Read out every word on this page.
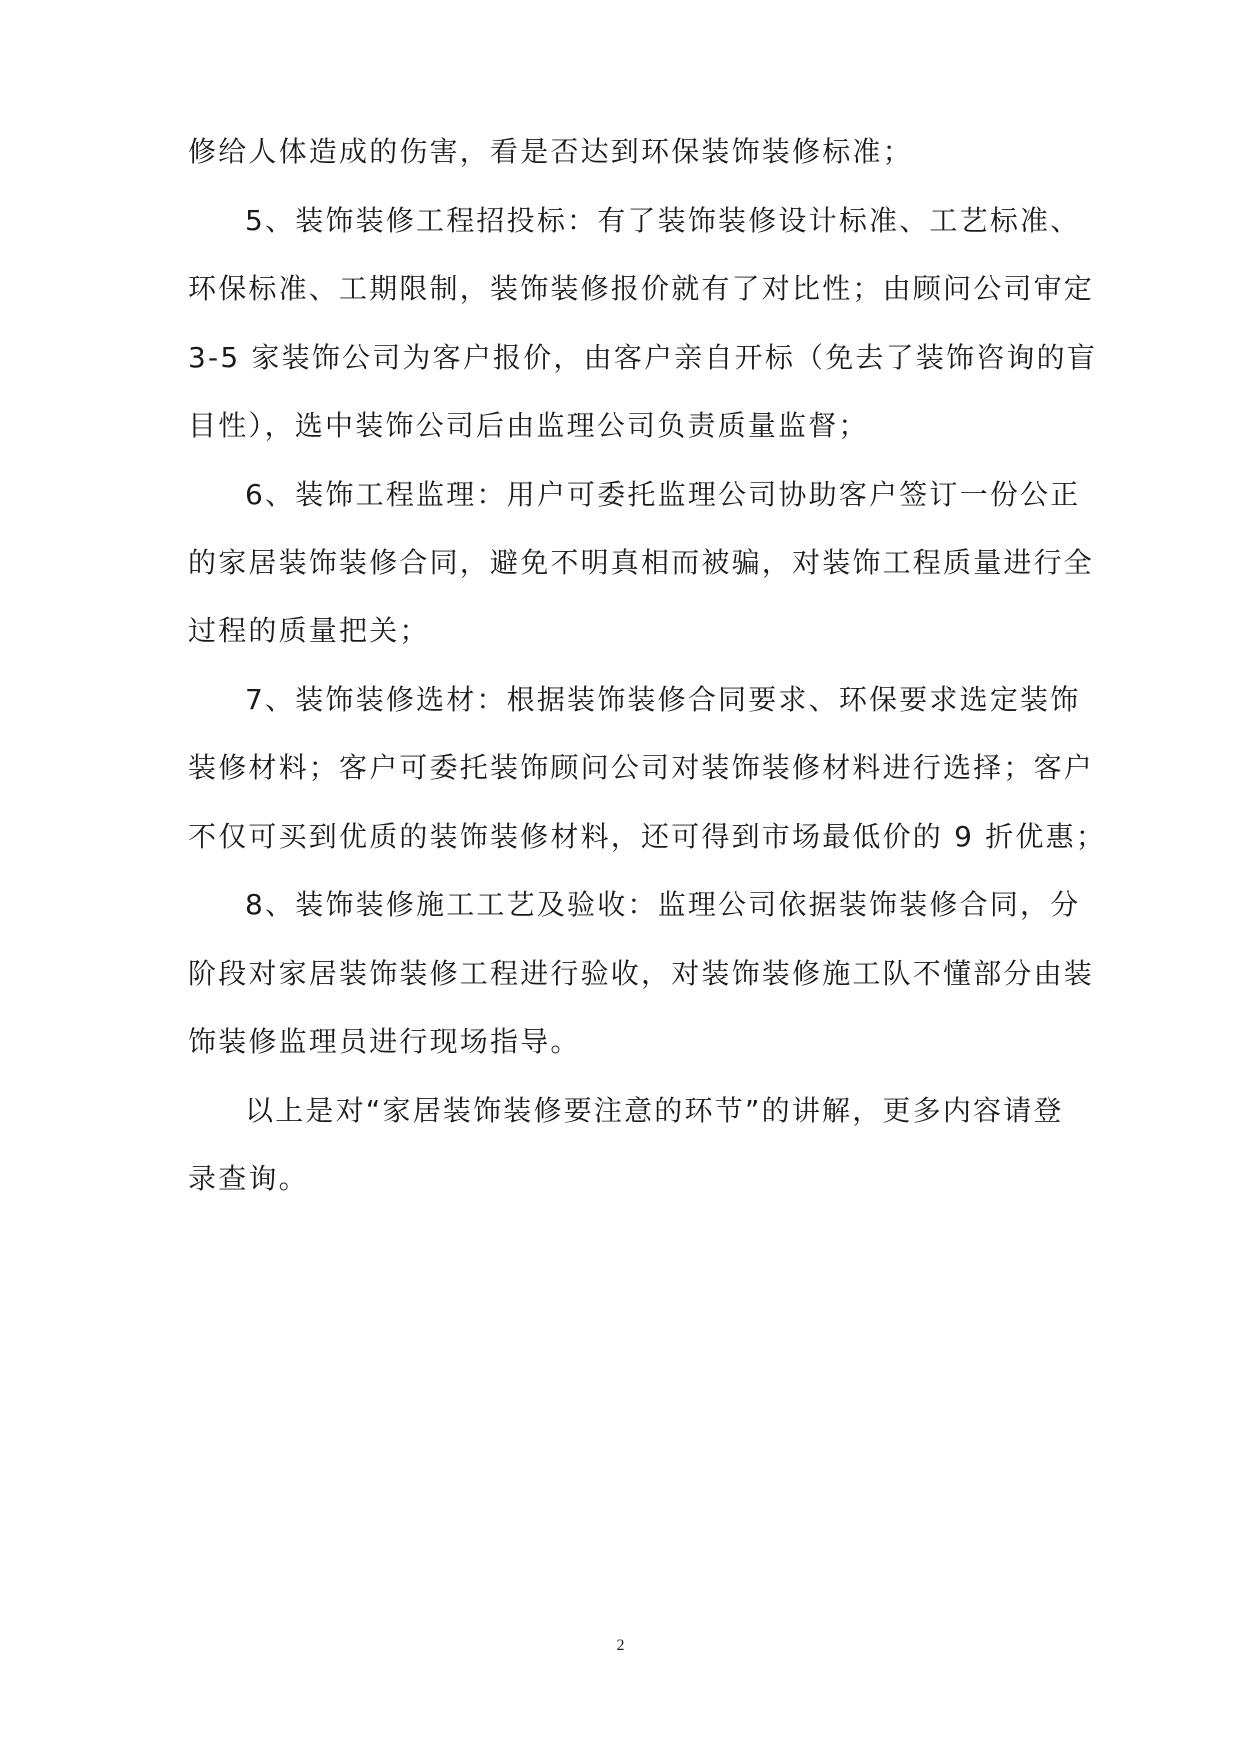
修给人体造成的伤害，看是否达到环保装饰装修标准；
5、装饰装修工程招投标：有了装饰装修设计标准、工艺标准、
环保标准、工期限制，装饰装修报价就有了对比性；由顾问公司审定
3-5 家装饰公司为客户报价，由客户亲自开标（免去了装饰咨询的盲
目性），选中装饰公司后由监理公司负责质量监督；
6、装饰工程监理：用户可委托监理公司协助客户签订一份公正
的家居装饰装修合同，避免不明真相而被骗，对装饰工程质量进行全
过程的质量把关；
7、装饰装修选材：根据装饰装修合同要求、环保要求选定装饰
装修材料；客户可委托装饰顾问公司对装饰装修材料进行选择；客户
不仅可买到优质的装饰装修材料，还可得到市场最低价的 9 折优惠；
8、装饰装修施工工艺及验收：监理公司依据装饰装修合同，分
阶段对家居装饰装修工程进行验收，对装饰装修施工队不懂部分由装
饰装修监理员进行现场指导。
以上是对“家居装饰装修要注意的环节”的讲解，更多内容请登
录查询。
2
